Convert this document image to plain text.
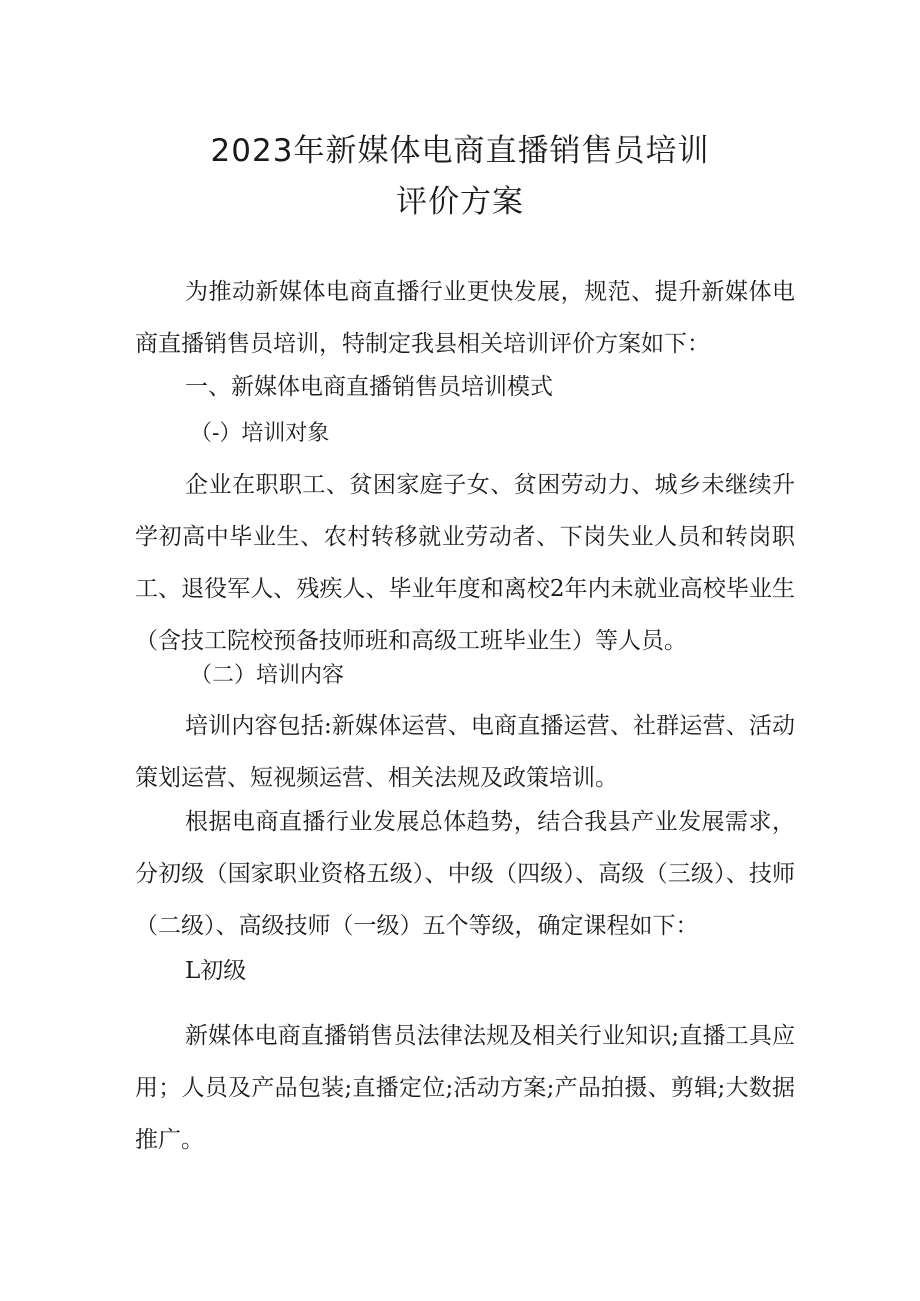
2023年新媒体电商直播销售员培训
评价方案

为推动新媒体电商直播行业更快发展，规范、提升新媒体电商直播销售员培训，特制定我县相关培训评价方案如下：

一、新媒体电商直播销售员培训模式

（-）培训对象

企业在职职工、贫困家庭子女、贫困劳动力、城乡未继续升学初高中毕业生、农村转移就业劳动者、下岗失业人员和转岗职工、退役军人、残疾人、毕业年度和离校2年内未就业高校毕业生（含技工院校预备技师班和高级工班毕业生）等人员。

（二）培训内容

培训内容包括:新媒体运营、电商直播运营、社群运营、活动策划运营、短视频运营、相关法规及政策培训。

根据电商直播行业发展总体趋势，结合我县产业发展需求，分初级（国家职业资格五级）、中级（四级）、高级（三级）、技师（二级）、高级技师（一级）五个等级，确定课程如下：

L初级

新媒体电商直播销售员法律法规及相关行业知识;直播工具应用；人员及产品包装;直播定位;活动方案;产品拍摄、剪辑;大数据推广。
